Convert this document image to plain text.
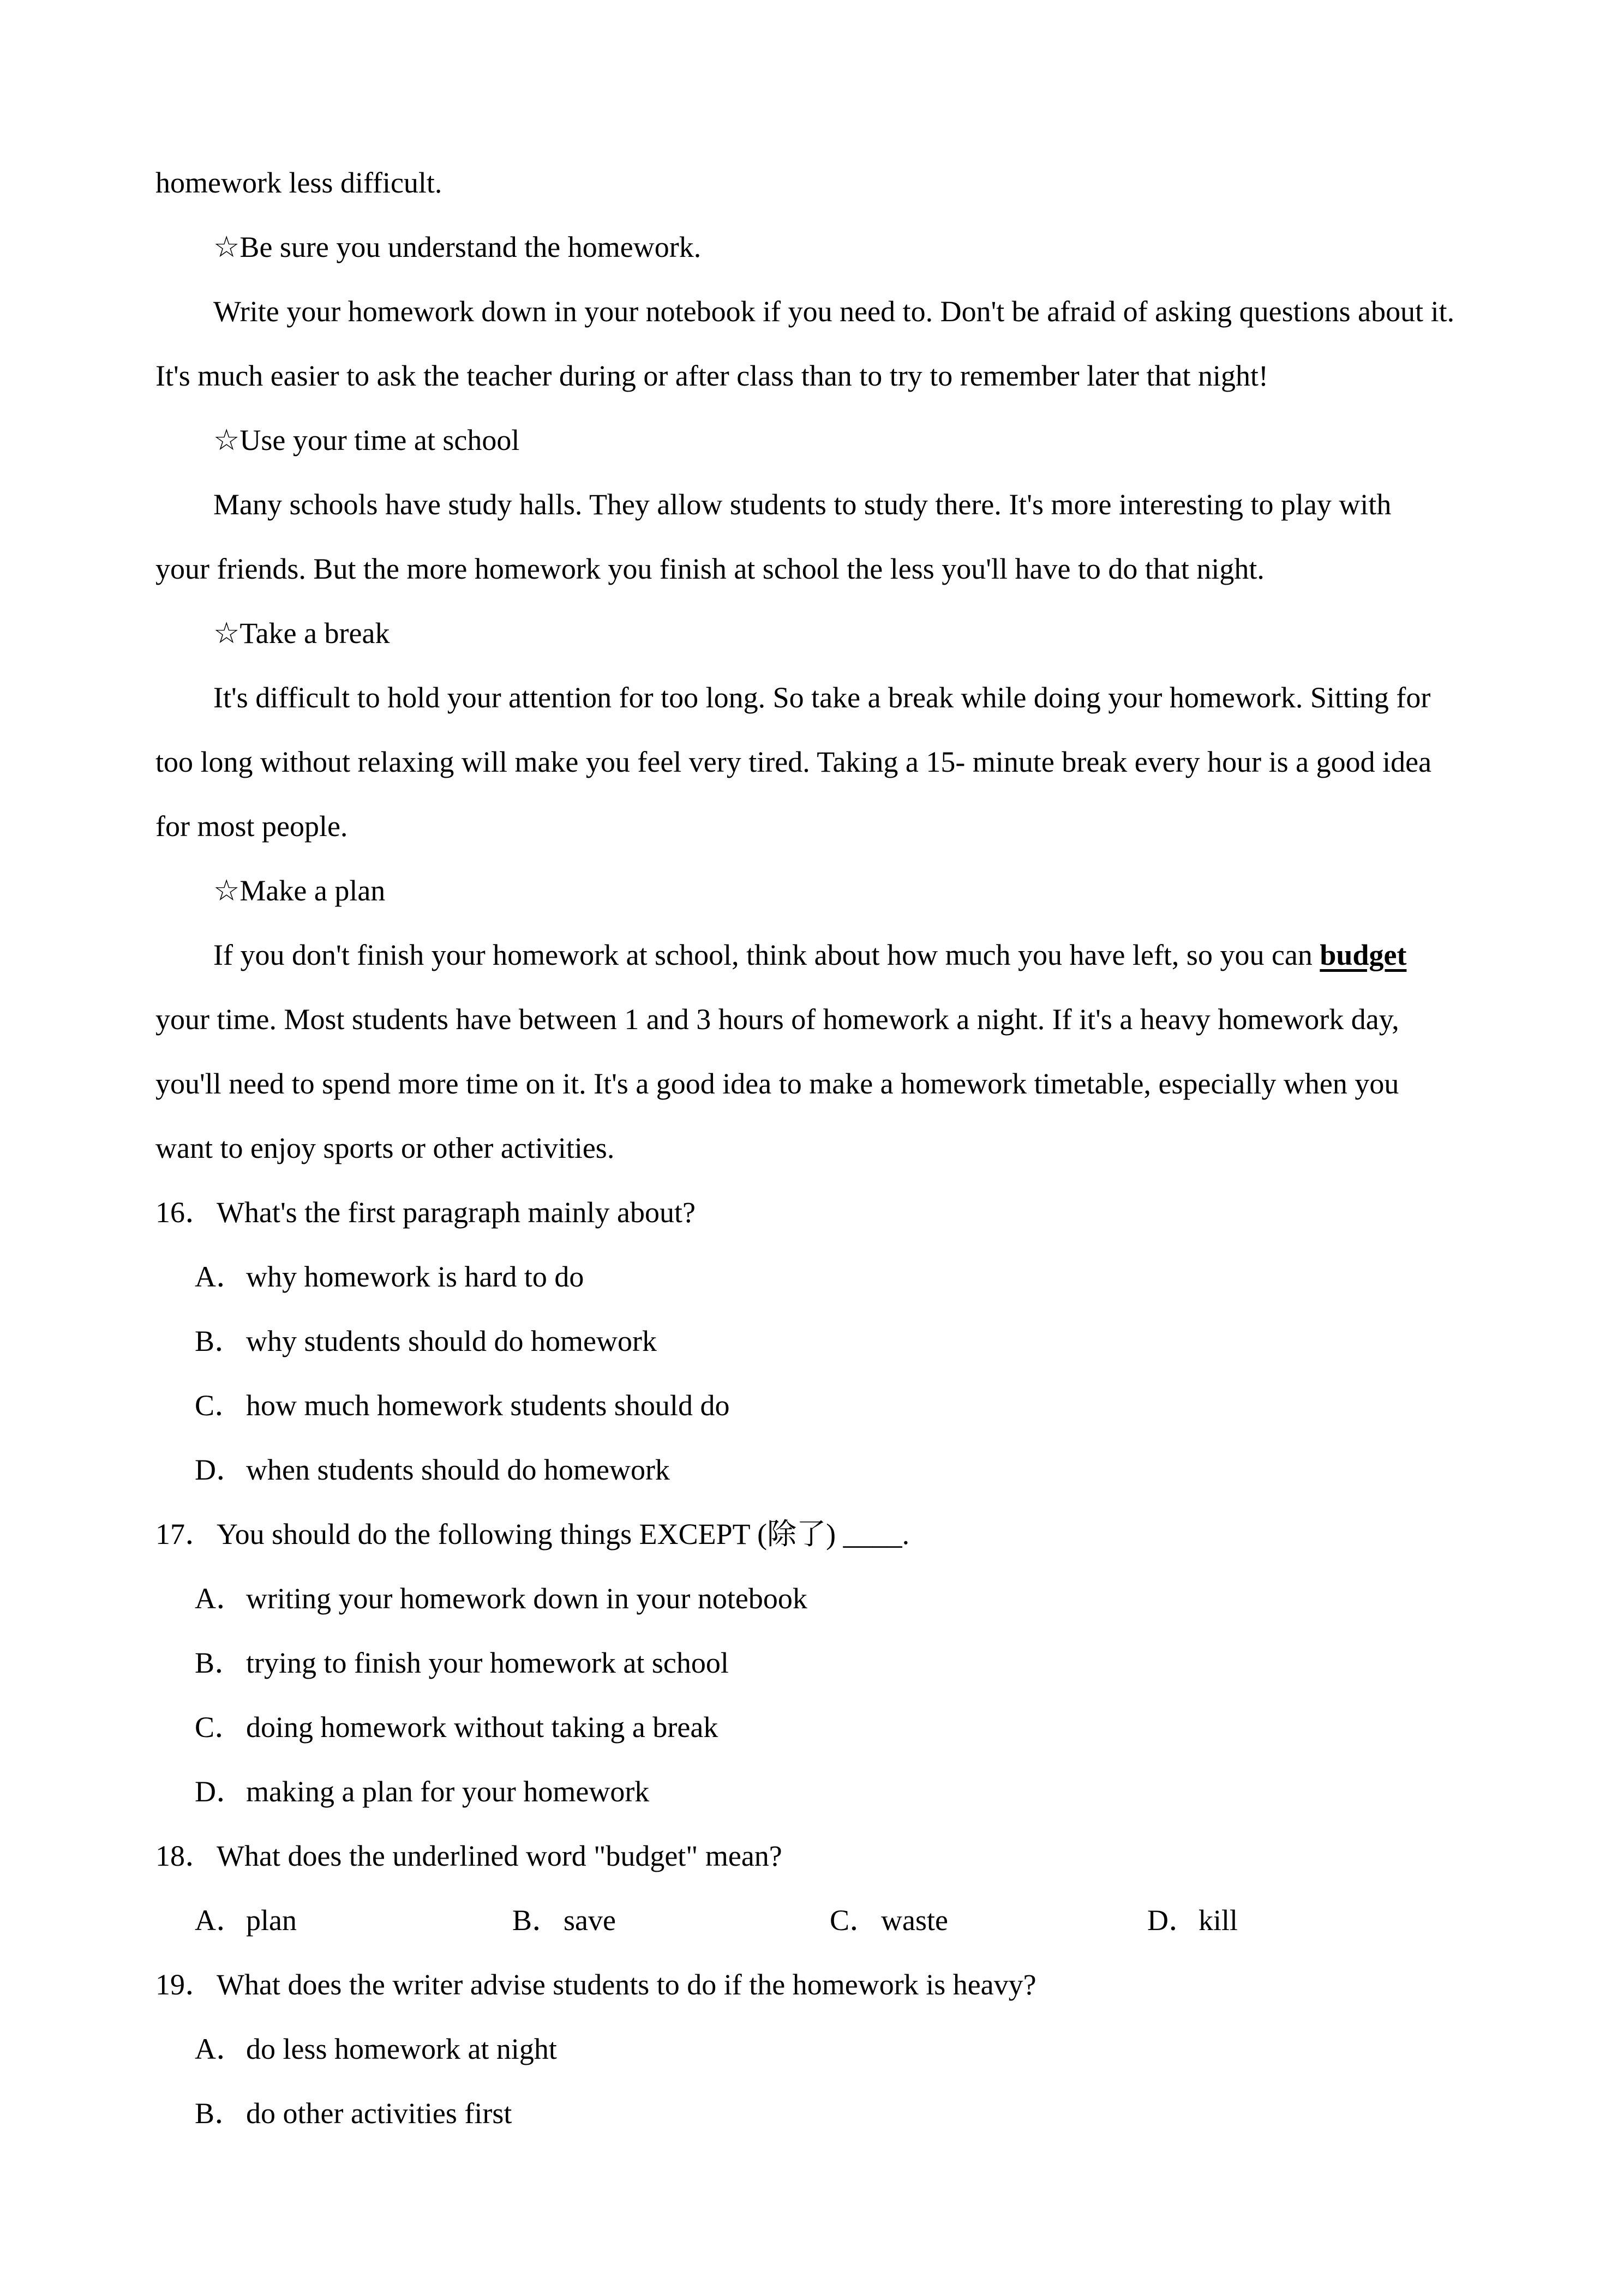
homework less difficult.
☆Be sure you understand the homework.
Write your homework down in your notebook if you need to. Don't be afraid of asking questions about it.
It's much easier to ask the teacher during or after class than to try to remember later that night!
☆Use your time at school
Many schools have study halls. They allow students to study there. It's more interesting to play with
your friends. But the more homework you finish at school the less you'll have to do that night.
☆Take a break
It's difficult to hold your attention for too long. So take a break while doing your homework. Sitting for
too long without relaxing will make you feel very tired. Taking a 15- minute break every hour is a good idea
for most people.
☆Make a plan
If you don't finish your homework at school, think about how much you have left, so you can budget
your time. Most students have between 1 and 3 hours of homework a night. If it's a heavy homework day,
you'll need to spend more time on it. It's a good idea to make a homework timetable, especially when you
want to enjoy sports or other activities.
16．What's the first paragraph mainly about?
A．why homework is hard to do
B．why students should do homework
C．how much homework students should do
D．when students should do homework
17．You should do the following things EXCEPT (除了) ____.
A．writing your homework down in your notebook
B．trying to finish your homework at school
C．doing homework without taking a break
D．making a plan for your homework
18．What does the underlined word "budget" mean?
A．plan	B．save	C．waste	D．kill
19．What does the writer advise students to do if the homework is heavy?
A．do less homework at night
B．do other activities first
